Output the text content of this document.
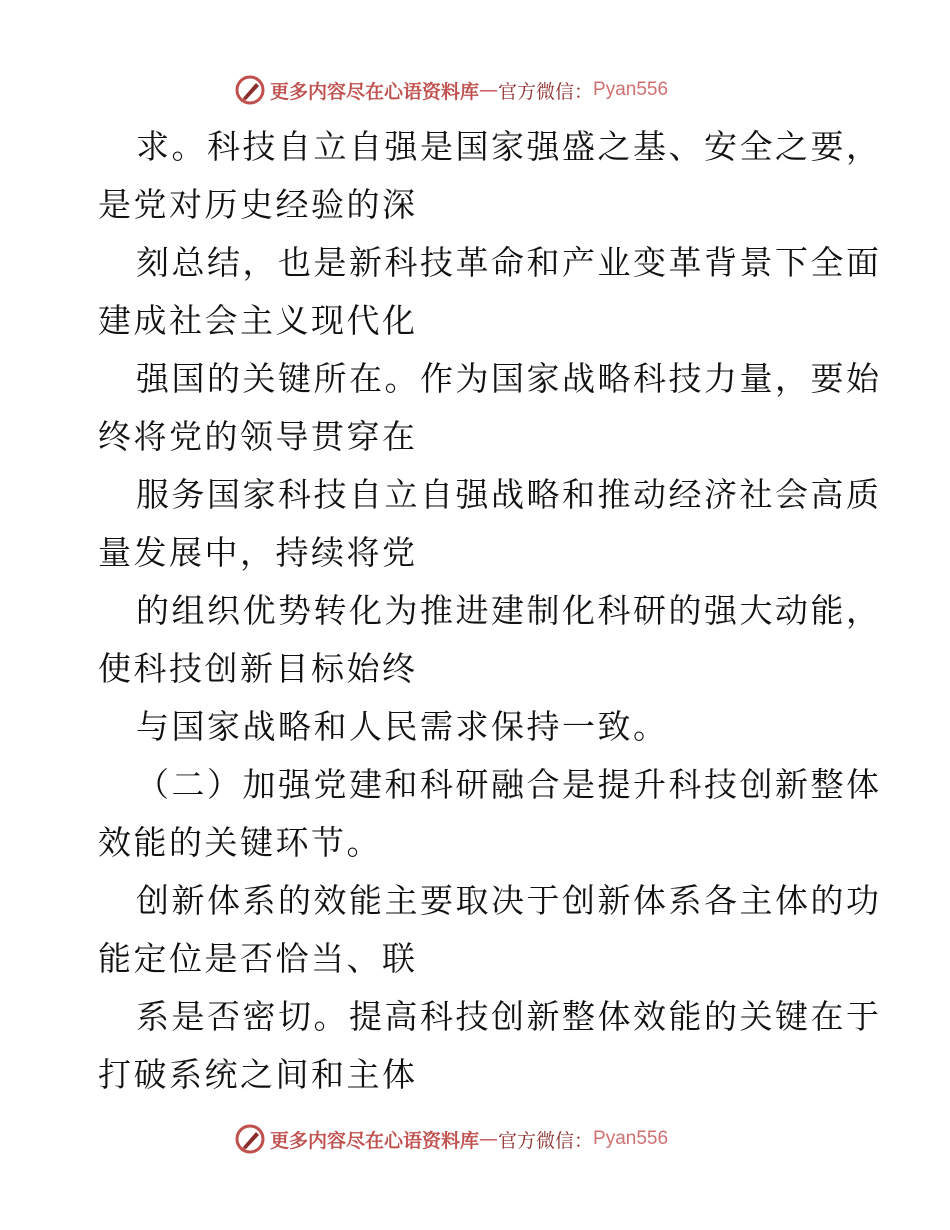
更多内容尽在心语资料库 — 官方微信： Pyan556
求。科技自立自强是国家强盛之基、安全之要，
是党对历史经验的深
刻总结，也是新科技革命和产业变革背景下全面
建成社会主义现代化
强国的关键所在。作为国家战略科技力量，要始
终将党的领导贯穿在
服务国家科技自立自强战略和推动经济社会高质
量发展中，持续将党
的组织优势转化为推进建制化科研的强大动能，
使科技创新目标始终
与国家战略和人民需求保持一致。
（二）加强党建和科研融合是提升科技创新整体
效能的关键环节。
创新体系的效能主要取决于创新体系各主体的功
能定位是否恰当、联
系是否密切。提高科技创新整体效能的关键在于
打破系统之间和主体
更多内容尽在心语资料库 — 官方微信： Pyan556
